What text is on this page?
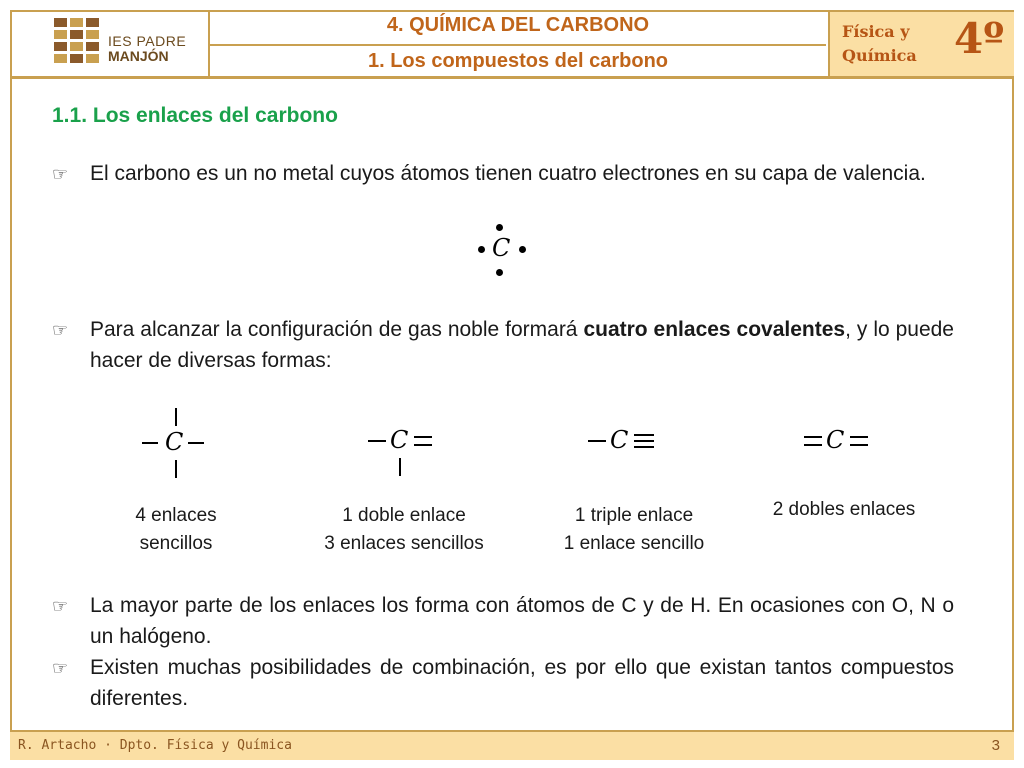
IES PADRE
MANJÓN
4. QUÍMICA DEL CARBONO
1. Los compuestos del carbono
Física y
Química 4º
1.1. Los enlaces del carbono
☞ El carbono es un no metal cuyos átomos tienen cuatro electrones en su capa de valencia.
C
☞ Para alcanzar la configuración de gas noble formará cuatro enlaces covalentes, y lo puede hacer de diversas formas:
C
4 enlaces
sencillos
C
1 doble enlace
3 enlaces sencillos
C
1 triple enlace
1 enlace sencillo
C
2 dobles enlaces
☞ La mayor parte de los enlaces los forma con átomos de C y de H. En ocasiones con O, N o un halógeno.
☞ Existen muchas posibilidades de combinación, es por ello que existan tantos compuestos diferentes.
R. Artacho · Dpto. Física y Química	3
